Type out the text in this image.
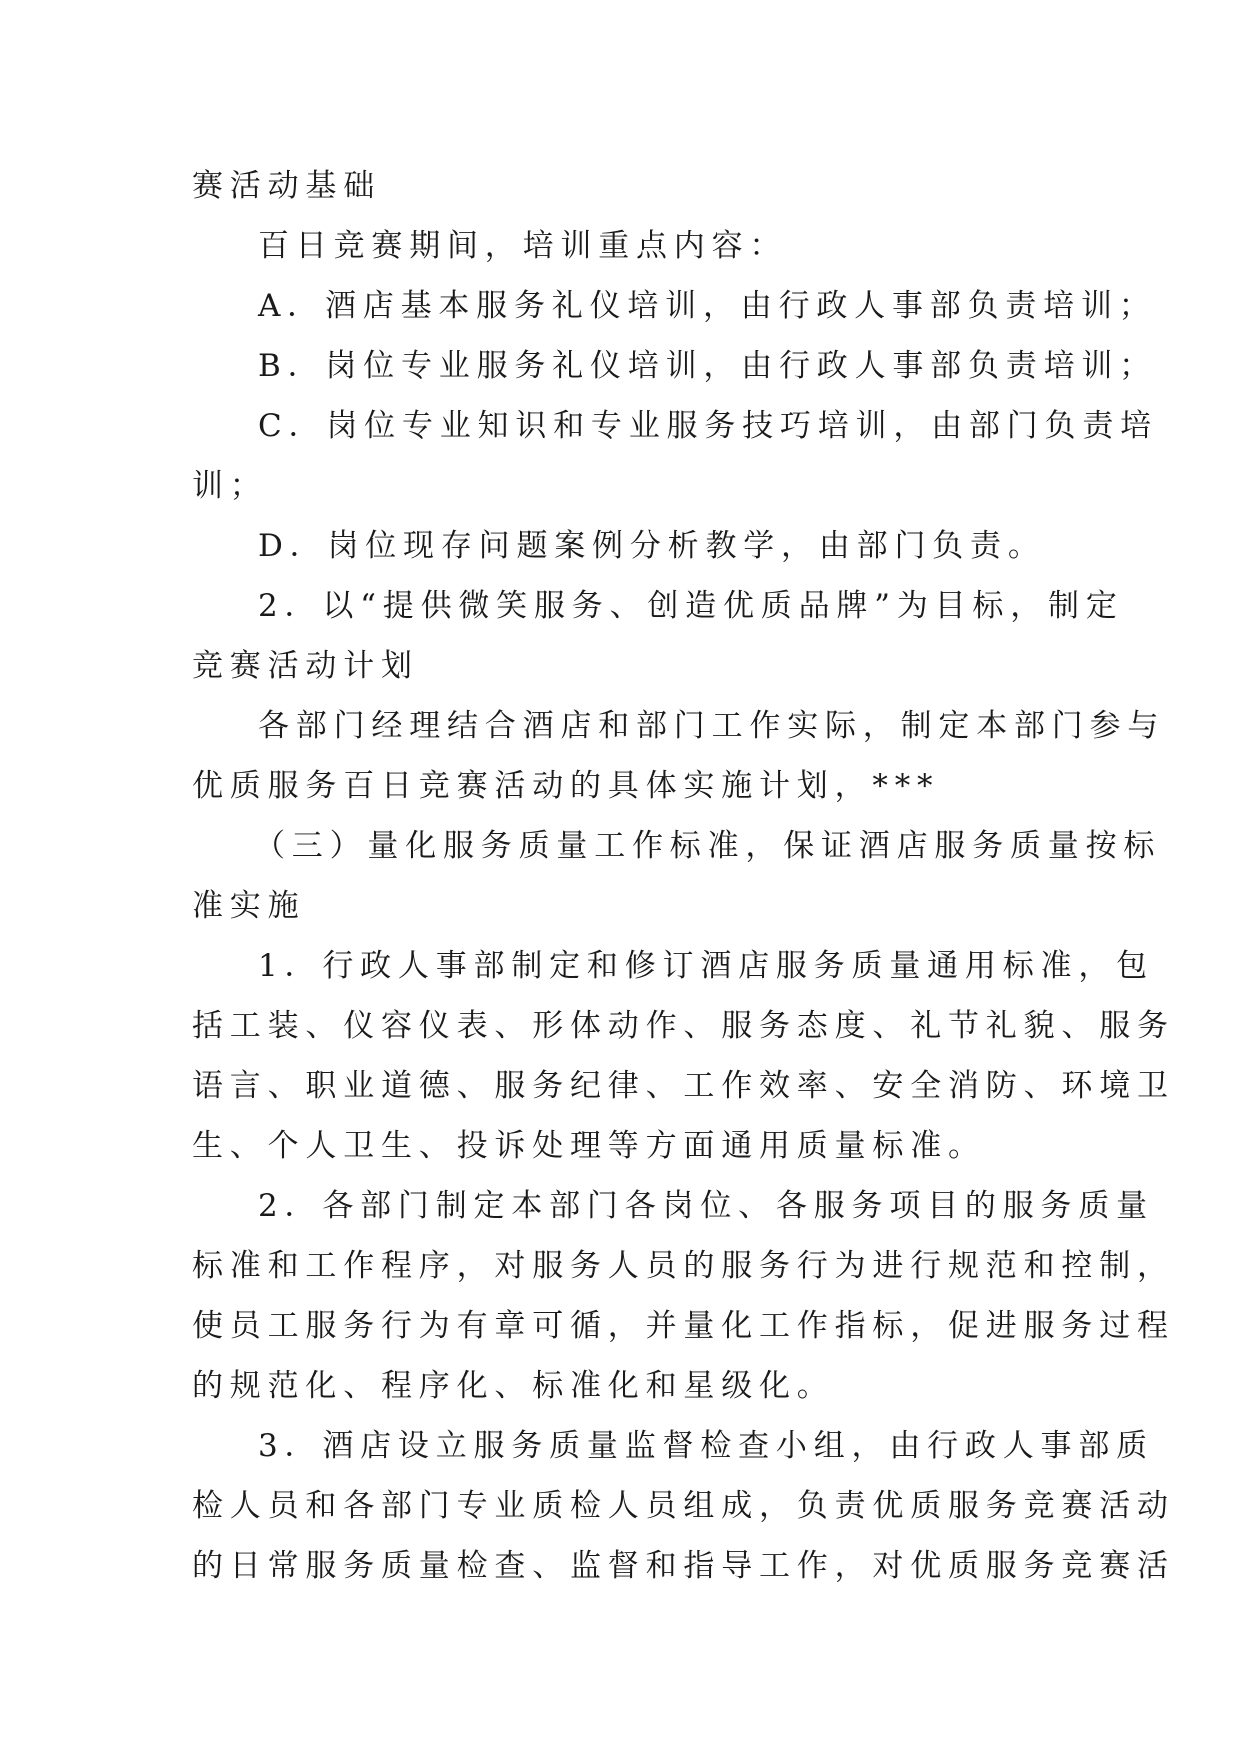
赛活动基础
百日竞赛期间，培训重点内容：
A．酒店基本服务礼仪培训，由行政人事部负责培训；
B．岗位专业服务礼仪培训，由行政人事部负责培训；
C．岗位专业知识和专业服务技巧培训，由部门负责培
训；
D．岗位现存问题案例分析教学，由部门负责。
2．以“提供微笑服务、创造优质品牌”为目标，制定
竞赛活动计划
各部门经理结合酒店和部门工作实际，制定本部门参与
优质服务百日竞赛活动的具体实施计划，***
（三）量化服务质量工作标准，保证酒店服务质量按标
准实施
1．行政人事部制定和修订酒店服务质量通用标准，包
括工装、仪容仪表、形体动作、服务态度、礼节礼貌、服务
语言、职业道德、服务纪律、工作效率、安全消防、环境卫
生、个人卫生、投诉处理等方面通用质量标准。
2．各部门制定本部门各岗位、各服务项目的服务质量
标准和工作程序，对服务人员的服务行为进行规范和控制，
使员工服务行为有章可循，并量化工作指标，促进服务过程
的规范化、程序化、标准化和星级化。
3．酒店设立服务质量监督检查小组，由行政人事部质
检人员和各部门专业质检人员组成，负责优质服务竞赛活动
的日常服务质量检查、监督和指导工作，对优质服务竞赛活
